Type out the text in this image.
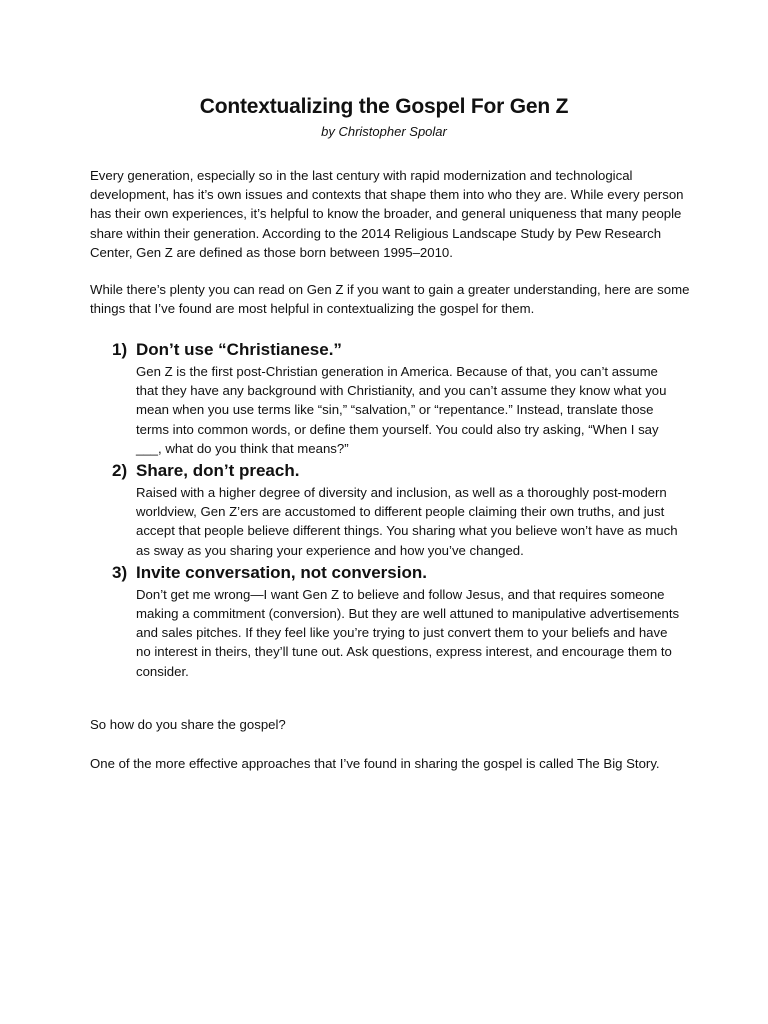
Contextualizing the Gospel For Gen Z

by Christopher Spolar

Every generation, especially so in the last century with rapid modernization and technological development, has it’s own issues and contexts that shape them into who they are. While every person has their own experiences, it’s helpful to know the broader, and general uniqueness that many people share within their generation. According to the 2014 Religious Landscape Study by Pew Research Center, Gen Z are defined as those born between 1995–2010.

While there’s plenty you can read on Gen Z if you want to gain a greater understanding, here are some things that I’ve found are most helpful in contextualizing the gospel for them.

1) Don’t use “Christianese.”

Gen Z is the first post-Christian generation in America. Because of that, you can’t assume that they have any background with Christianity, and you can’t assume they know what you mean when you use terms like “sin,” “salvation,” or “repentance.” Instead, translate those terms into common words, or define them yourself. You could also try asking, “When I say ___, what do you think that means?”

2) Share, don’t preach.

Raised with a higher degree of diversity and inclusion, as well as a thoroughly post-modern worldview, Gen Z’ers are accustomed to different people claiming their own truths, and just accept that people believe different things. You sharing what you believe won’t have as much as sway as you sharing your experience and how you’ve changed.

3) Invite conversation, not conversion.

Don’t get me wrong—I want Gen Z to believe and follow Jesus, and that requires someone making a commitment (conversion). But they are well attuned to manipulative advertisements and sales pitches. If they feel like you’re trying to just convert them to your beliefs and have no interest in theirs, they’ll tune out. Ask questions, express interest, and encourage them to consider.

So how do you share the gospel?

One of the more effective approaches that I’ve found in sharing the gospel is called The Big Story.
